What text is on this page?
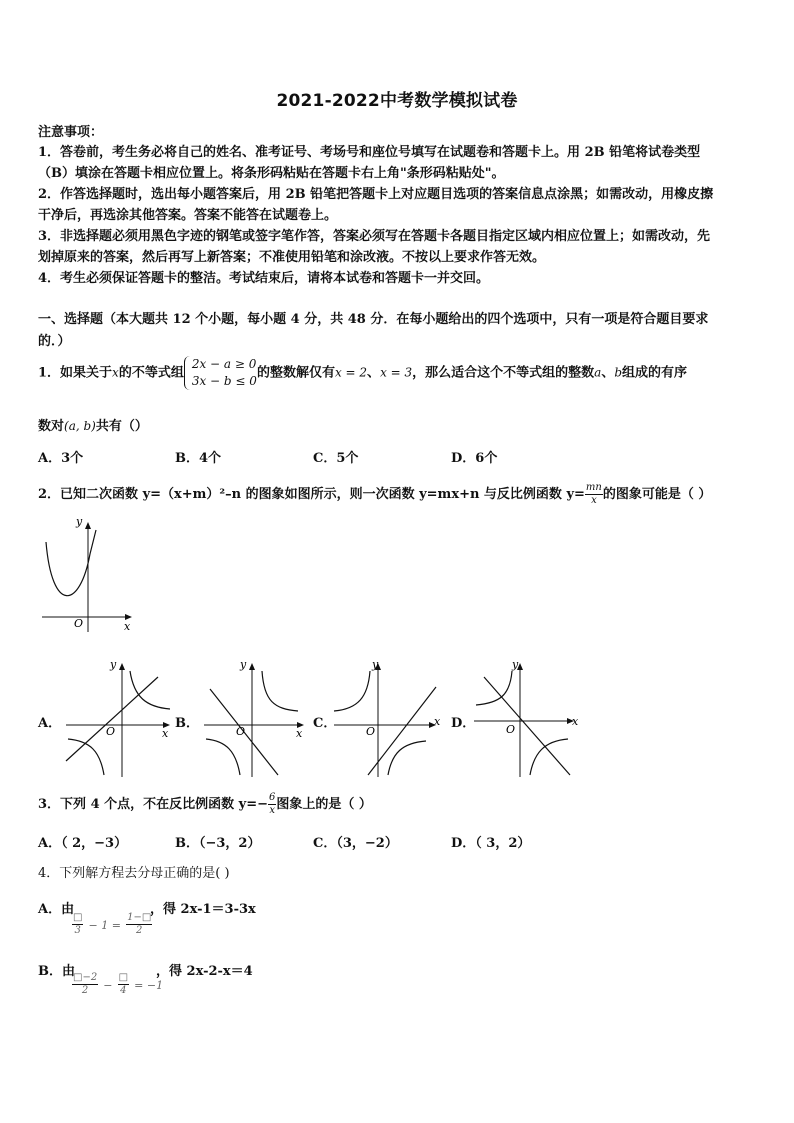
2021-2022中考数学模拟试卷
注意事项：
1．答卷前，考生务必将自己的姓名、准考证号、考场号和座位号填写在试题卷和答题卡上。用 2B 铅笔将试卷类型
（B）填涂在答题卡相应位置上。将条形码粘贴在答题卡右上角"条形码粘贴处"。
2．作答选择题时，选出每小题答案后，用 2B 铅笔把答题卡上对应题目选项的答案信息点涂黑；如需改动，用橡皮擦
干净后，再选涂其他答案。答案不能答在试题卷上。
3．非选择题必须用黑色字迹的钢笔或签字笔作答，答案必须写在答题卡各题目指定区域内相应位置上；如需改动，先
划掉原来的答案，然后再写上新答案；不准使用铅笔和涂改液。不按以上要求作答无效。
4．考生必须保证答题卡的整洁。考试结束后，请将本试卷和答题卡一并交回。
一、选择题（本大题共 12 个小题，每小题 4 分，共 48 分．在每小题给出的四个选项中，只有一项是符合题目要求
的．）
1．如果关于x的不等式组
2x − a ≥ 0
3x − b ≤ 0
的整数解仅有x = 2、x = 3，那么适合这个不等式组的整数a、b组成的有序
数对(a, b)共有（）
A．3个	B．4个	C．5个	D．6个
2．已知二次函数 y=（x+m）²–n 的图象如图所示，则一次函数 y=mx+n 与反比例函数 $y= \frac{mn}{x}$ 的图象可能是（ ）
y
x
O
A．	B．	C．	D．
y
x
O
y
x
O
y
x
O
y
x
O
3．下列 4 个点，不在反比例函数 $y=- \frac{6}{x}$ 图象上的是（ ）
A．（ 2，−3）	B．（−3，2）	C．（3，−2）	D．（ 3，2）
4．下列解方程去分母正确的是( )
A．由
$\frac{□}{3} - 1 = \frac{1-□}{2}$
，得 2x-1＝3-3x
B．由
$\frac{□-2}{2} - \frac{□}{4} = -1$
，得 2x-2-x＝4
